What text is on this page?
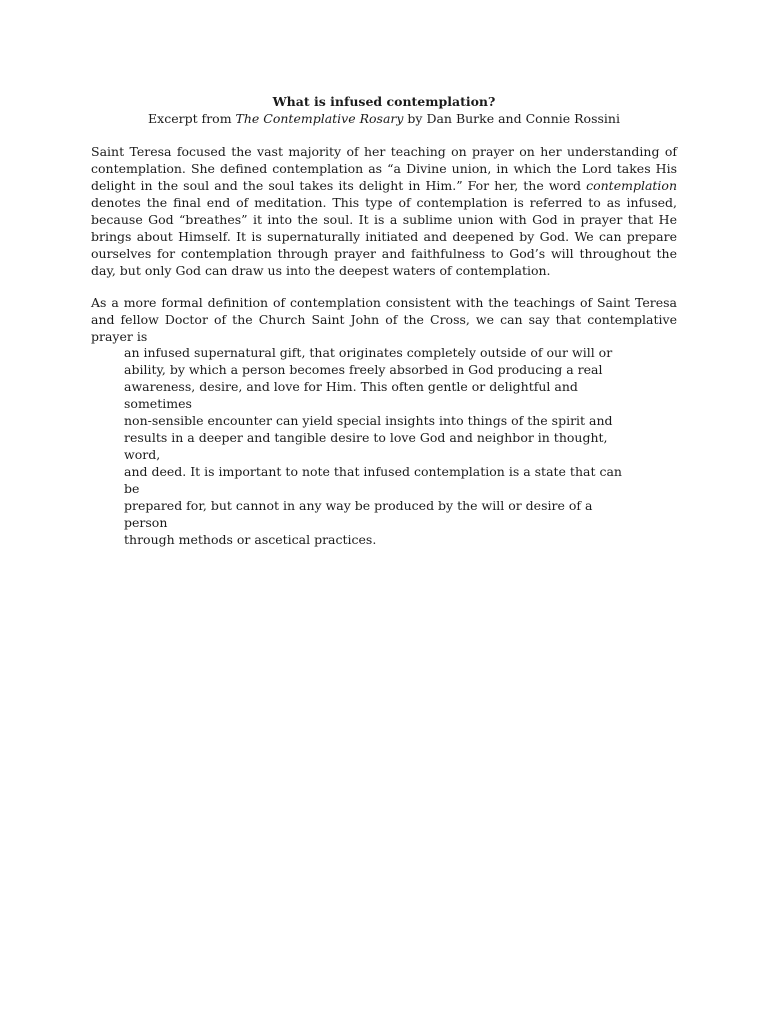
What is infused contemplation?
Excerpt from The Contemplative Rosary by Dan Burke and Connie Rossini

Saint Teresa focused the vast majority of her teaching on prayer on her understanding of contemplation. She defined contemplation as “a Divine union, in which the Lord takes His delight in the soul and the soul takes its delight in Him.” For her, the word contemplation denotes the final end of meditation. This type of contemplation is referred to as infused, because God “breathes” it into the soul. It is a sublime union with God in prayer that He brings about Himself. It is supernaturally initiated and deepened by God. We can prepare ourselves for contemplation through prayer and faithfulness to God’s will throughout the day, but only God can draw us into the deepest waters of contemplation.

As a more formal definition of contemplation consistent with the teachings of Saint Teresa and fellow Doctor of the Church Saint John of the Cross, we can say that contemplative prayer is

an infused supernatural gift, that originates completely outside of our will or
ability, by which a person becomes freely absorbed in God producing a real
awareness, desire, and love for Him. This often gentle or delightful and sometimes
non-sensible encounter can yield special insights into things of the spirit and
results in a deeper and tangible desire to love God and neighbor in thought, word,
and deed. It is important to note that infused contemplation is a state that can be
prepared for, but cannot in any way be produced by the will or desire of a person
through methods or ascetical practices.
